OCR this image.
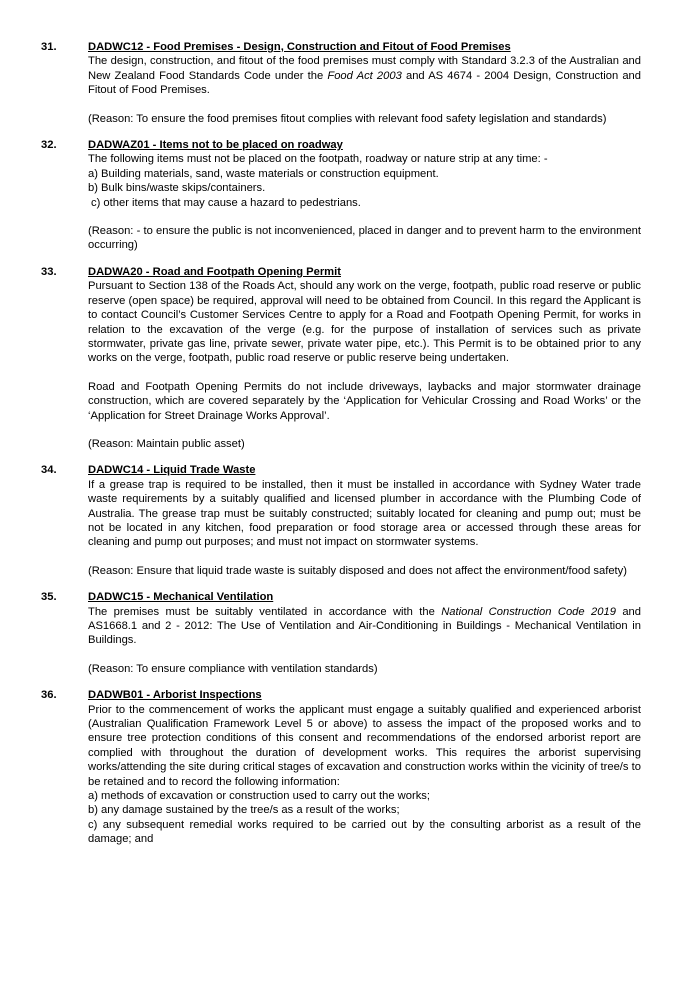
31.	DADWC12 - Food Premises - Design, Construction and Fitout of Food Premises

The design, construction, and fitout of the food premises must comply with Standard 3.2.3 of the Australian and New Zealand Food Standards Code under the Food Act 2003 and AS 4674 - 2004 Design, Construction and Fitout of Food Premises.

(Reason: To ensure the food premises fitout complies with relevant food safety legislation and standards)

32.	DADWAZ01 - Items not to be placed on roadway

The following items must not be placed on the footpath, roadway or nature strip at any time: -

a) Building materials, sand, waste materials or construction equipment.

b) Bulk bins/waste skips/containers.

c) other items that may cause a hazard to pedestrians.

(Reason: - to ensure the public is not inconvenienced, placed in danger and to prevent harm to the environment occurring)

33.	DADWA20 - Road and Footpath Opening Permit

Pursuant to Section 138 of the Roads Act, should any work on the verge, footpath, public road reserve or public reserve (open space) be required, approval will need to be obtained from Council. In this regard the Applicant is to contact Council’s Customer Services Centre to apply for a Road and Footpath Opening Permit, for works in relation to the excavation of the verge (e.g. for the purpose of installation of services such as private stormwater, private gas line, private sewer, private water pipe, etc.). This Permit is to be obtained prior to any works on the verge, footpath, public road reserve or public reserve being undertaken.

Road and Footpath Opening Permits do not include driveways, laybacks and major stormwater drainage construction, which are covered separately by the ‘Application for Vehicular Crossing and Road Works’ or the ‘Application for Street Drainage Works Approval’.

(Reason: Maintain public asset)

34.	DADWC14 - Liquid Trade Waste

If a grease trap is required to be installed, then it must be installed in accordance with Sydney Water trade waste requirements by a suitably qualified and licensed plumber in accordance with the Plumbing Code of Australia. The grease trap must be suitably constructed; suitably located for cleaning and pump out; must be not be located in any kitchen, food preparation or food storage area or accessed through these areas for cleaning and pump out purposes; and must not impact on stormwater systems.

(Reason: Ensure that liquid trade waste is suitably disposed and does not affect the environment/food safety)

35.	DADWC15 - Mechanical Ventilation

The premises must be suitably ventilated in accordance with the National Construction Code 2019 and AS1668.1 and 2 - 2012: The Use of Ventilation and Air-Conditioning in Buildings - Mechanical Ventilation in Buildings.

(Reason: To ensure compliance with ventilation standards)

36.	DADWB01 - Arborist Inspections

Prior to the commencement of works the applicant must engage a suitably qualified and experienced arborist (Australian Qualification Framework Level 5 or above) to assess the impact of the proposed works and to ensure tree protection conditions of this consent and recommendations of the endorsed arborist report are complied with throughout the duration of development works. This requires the arborist supervising works/attending the site during critical stages of excavation and construction works within the vicinity of tree/s to be retained and to record the following information:

a) methods of excavation or construction used to carry out the works;

b) any damage sustained by the tree/s as a result of the works;

c) any subsequent remedial works required to be carried out by the consulting arborist as a result of the damage; and
